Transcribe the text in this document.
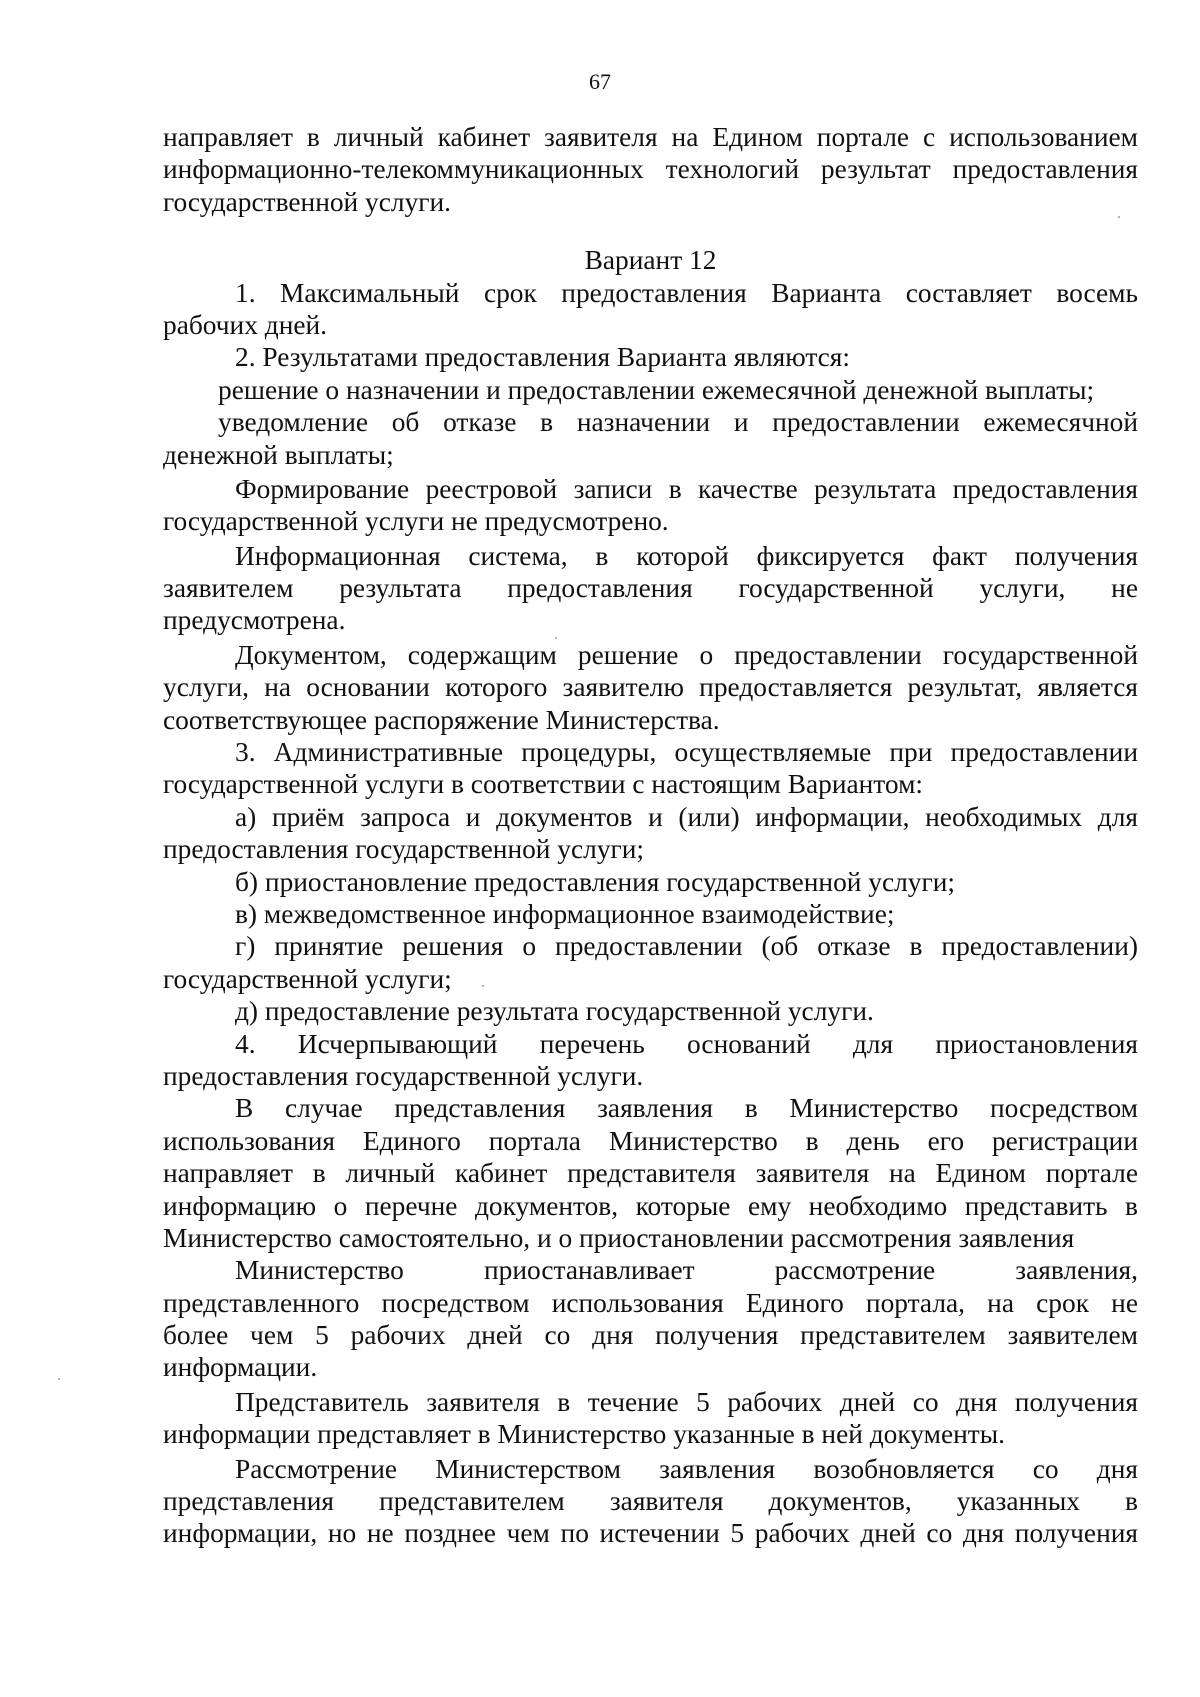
67
направляет в личный кабинет заявителя на Едином портале с использованием
информационно-телекоммуникационных технологий результат предоставления
государственной услуги.
Вариант 12
1. Максимальный срок предоставления Варианта составляет восемь
рабочих дней.
2. Результатами предоставления Варианта являются:
решение о назначении и предоставлении ежемесячной денежной выплаты;
уведомление об отказе в назначении и предоставлении ежемесячной
денежной выплаты;
Формирование реестровой записи в качестве результата предоставления
государственной услуги не предусмотрено.
Информационная система, в которой фиксируется факт получения
заявителем результата предоставления государственной услуги, не
предусмотрена.
Документом, содержащим решение о предоставлении государственной
услуги, на основании которого заявителю предоставляется результат, является
соответствующее распоряжение Министерства.
3. Административные процедуры, осуществляемые при предоставлении
государственной услуги в соответствии с настоящим Вариантом:
а) приём запроса и документов и (или) информации, необходимых для
предоставления государственной услуги;
б) приостановление предоставления государственной услуги;
в) межведомственное информационное взаимодействие;
г) принятие решения о предоставлении (об отказе в предоставлении)
государственной услуги;
д) предоставление результата государственной услуги.
4. Исчерпывающий перечень оснований для приостановления
предоставления государственной услуги.
В случае представления заявления в Министерство посредством
использования Единого портала Министерство в день его регистрации
направляет в личный кабинет представителя заявителя на Едином портале
информацию о перечне документов, которые ему необходимо представить в
Министерство самостоятельно, и о приостановлении рассмотрения заявления
Министерство приостанавливает рассмотрение заявления,
представленного посредством использования Единого портала, на срок не
более чем 5 рабочих дней со дня получения представителем заявителем
информации.
Представитель заявителя в течение 5 рабочих дней со дня получения
информации представляет в Министерство указанные в ней документы.
Рассмотрение Министерством заявления возобновляется со дня
представления представителем заявителя документов, указанных в
информации, но не позднее чем по истечении 5 рабочих дней со дня получения
